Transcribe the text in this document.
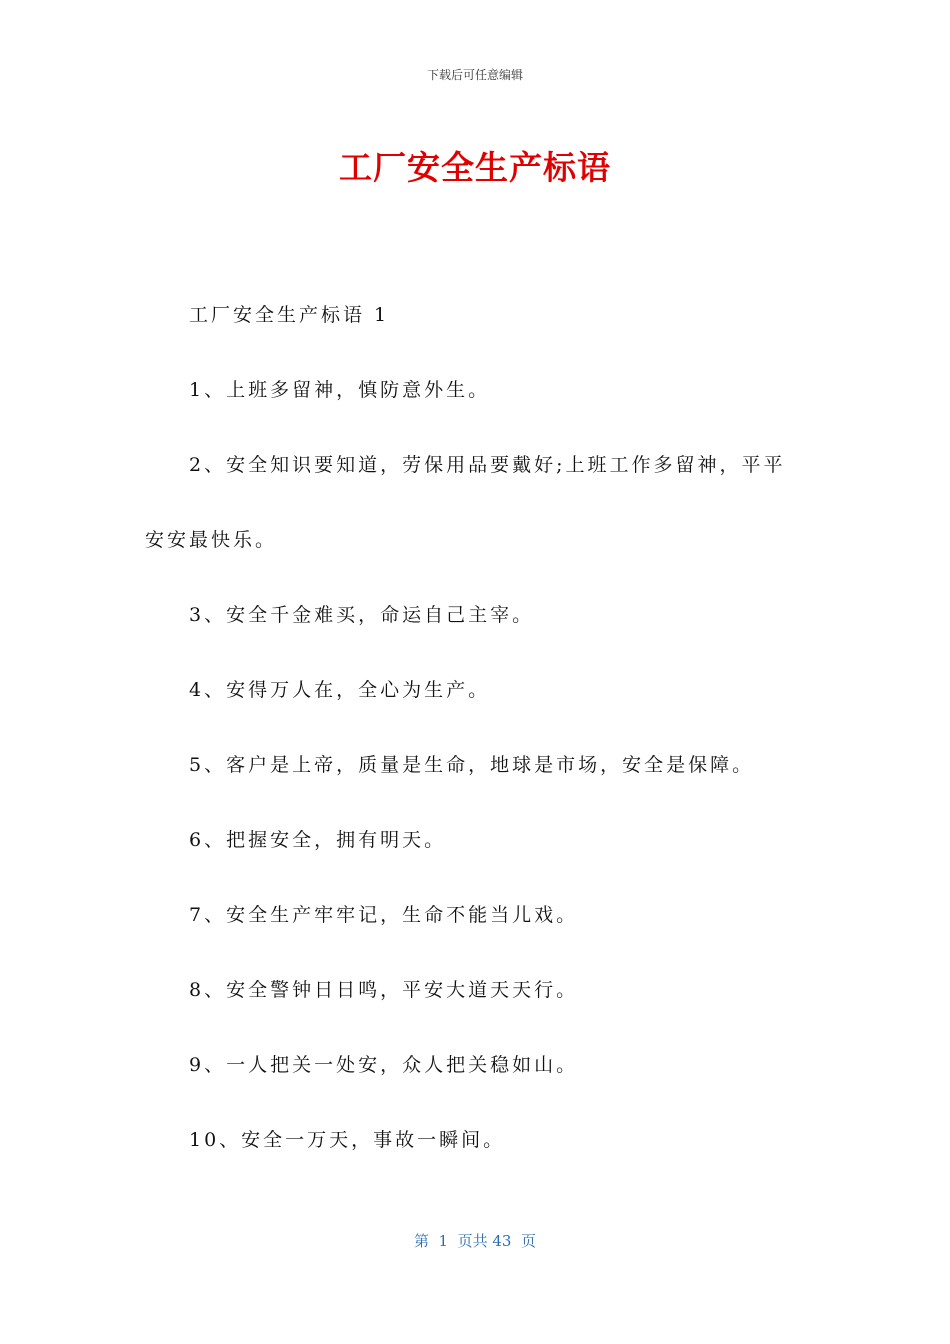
下载后可任意编辑
工厂安全生产标语

工厂安全生产标语 1

1、上班多留神，慎防意外生。

2、安全知识要知道，劳保用品要戴好;上班工作多留神，平平安安最快乐。

3、安全千金难买，命运自己主宰。

4、安得万人在，全心为生产。

5、客户是上帝，质量是生命，地球是市场，安全是保障。

6、把握安全，拥有明天。

7、安全生产牢牢记，生命不能当儿戏。

8、安全警钟日日鸣，平安大道天天行。

9、一人把关一处安，众人把关稳如山。

10、安全一万天，事故一瞬间。

第  1  页共 43  页
